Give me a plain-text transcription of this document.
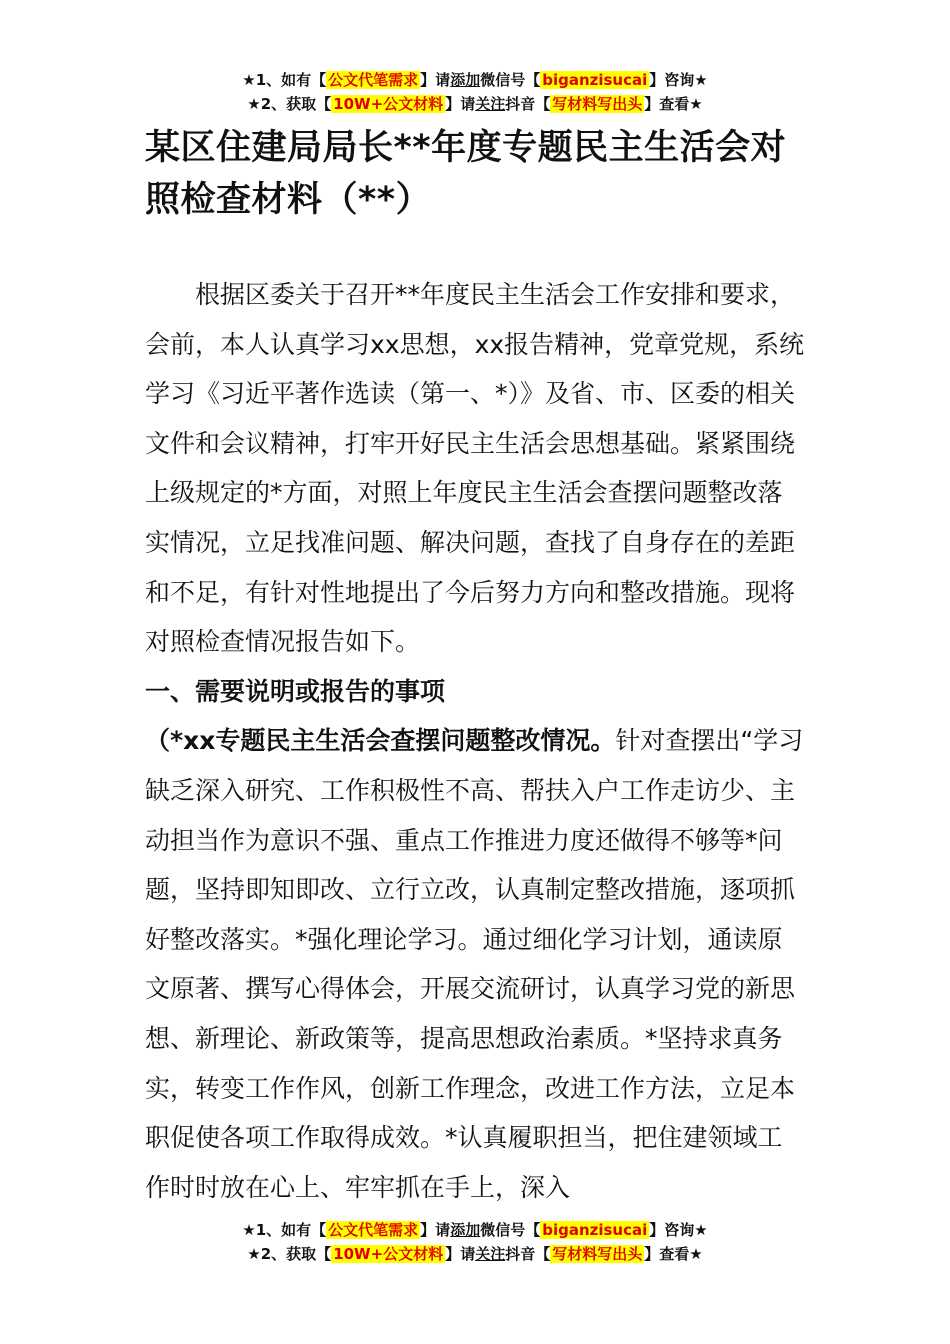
★1、如有【 公文代笔需求 】请添加微信号【 biganzisucai 】咨询★
★2、获取【 10W+公文材料 】请关注抖音【 写材料写出头 】查看★
某区住建局局长**年度专题民主生活会对照检查材料（**）

根据区委关于召开**年度民主生活会工作安排和要求，会前，本人认真学习xx思想，xx报告精神，党章党规，系统学习《习近平著作选读（第一、*）》及省、市、区委的相关文件和会议精神，打牢开好民主生活会思想基础。紧紧围绕上级规定的*方面，对照上年度民主生活会查摆问题整改落实情况，立足找准问题、解决问题，查找了自身存在的差距和不足，有针对性地提出了今后努力方向和整改措施。现将对照检查情况报告如下。

一、需要说明或报告的事项

（*xx专题民主生活会查摆问题整改情况。针对查摆出“学习缺乏深入研究、工作积极性不高、帮扶入户工作走访少、主动担当作为意识不强、重点工作推进力度还做得不够等*问题，坚持即知即改、立行立改，认真制定整改措施，逐项抓好整改落实。*强化理论学习。通过细化学习计划，通读原文原著、撰写心得体会，开展交流研讨，认真学习党的新思想、新理论、新政策等，提高思想政治素质。*坚持求真务实，转变工作作风，创新工作理念，改进工作方法，立足本职促使各项工作取得成效。*认真履职担当，把住建领域工作时时放在心上、牢牢抓在手上，深入

★1、如有【 公文代笔需求 】请添加微信号【 biganzisucai 】咨询★
★2、获取【 10W+公文材料 】请关注抖音【 写材料写出头 】查看★
